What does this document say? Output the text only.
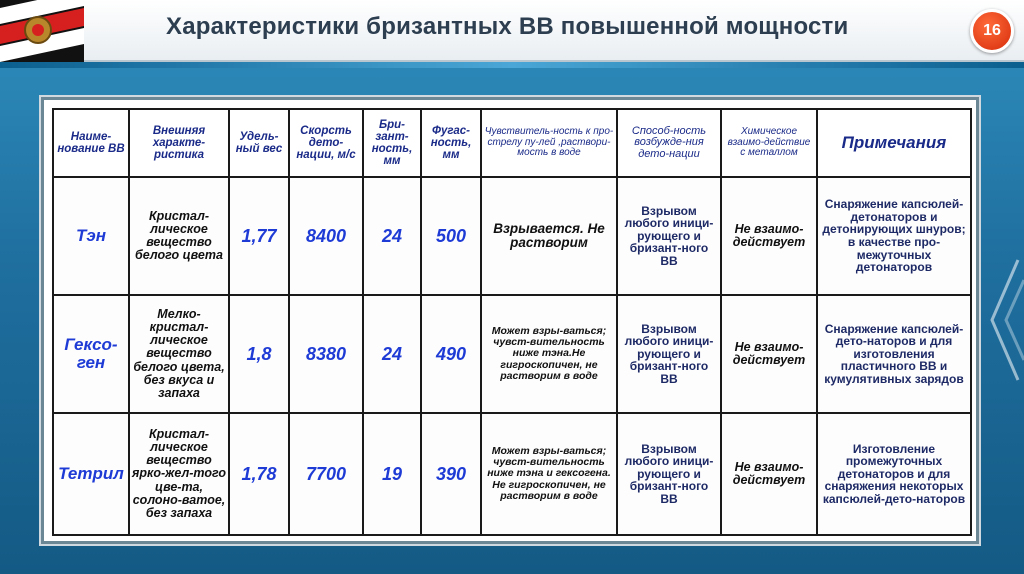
Характеристики бризантных ВВ повышенной мощности	16
Наиме-нование ВВ	Внешняя характе-ристика	Удель-ный вес	Скорсть дето-нации, м/с	Бри-зант-ность, мм	Фугас-ность, мм	Чувствитель-ность к про-стрелу пу-лей ,раствори-мость в воде	Способ-ность возбужде-ния дето-нации	Химическое взаимо-действие с металлом	Примечания
Тэн	Кристал-лическое вещество белого цвета	1,77	8400	24	500	Взрывается. Не растворим	Взрывом любого иници-рующего и бризант-ного ВВ	Не взаимо-действует	Снаряжение капсюлей-детонаторов и детонирующих шнуров; в качестве про-межуточных детонаторов
Гексо-ген	Мелко-кристал-лическое вещество белого цвета, без вкуса и запаха	1,8	8380	24	490	Может взры-ваться; чувст-вительность ниже тэна.Не гигроскопичен, не растворим в воде	Взрывом любого иници-рующего и бризант-ного ВВ	Не взаимо-действует	Снаряжение капсюлей-дето-наторов и для изготовления пластичного ВВ и кумулятивных зарядов
Тетрил	Кристал-лическое вещество ярко-жел-того цве-та, солоно-ватое, без запаха	1,78	7700	19	390	Может взры-ваться; чувст-вительность ниже тэна и гексогена. Не гигроскопичен, не растворим в воде	Взрывом любого иници-рующего и бризант-ного ВВ	Не взаимо-действует	Изготовление промежуточных детонаторов и для снаряжения некоторых капсюлей-дето-наторов
